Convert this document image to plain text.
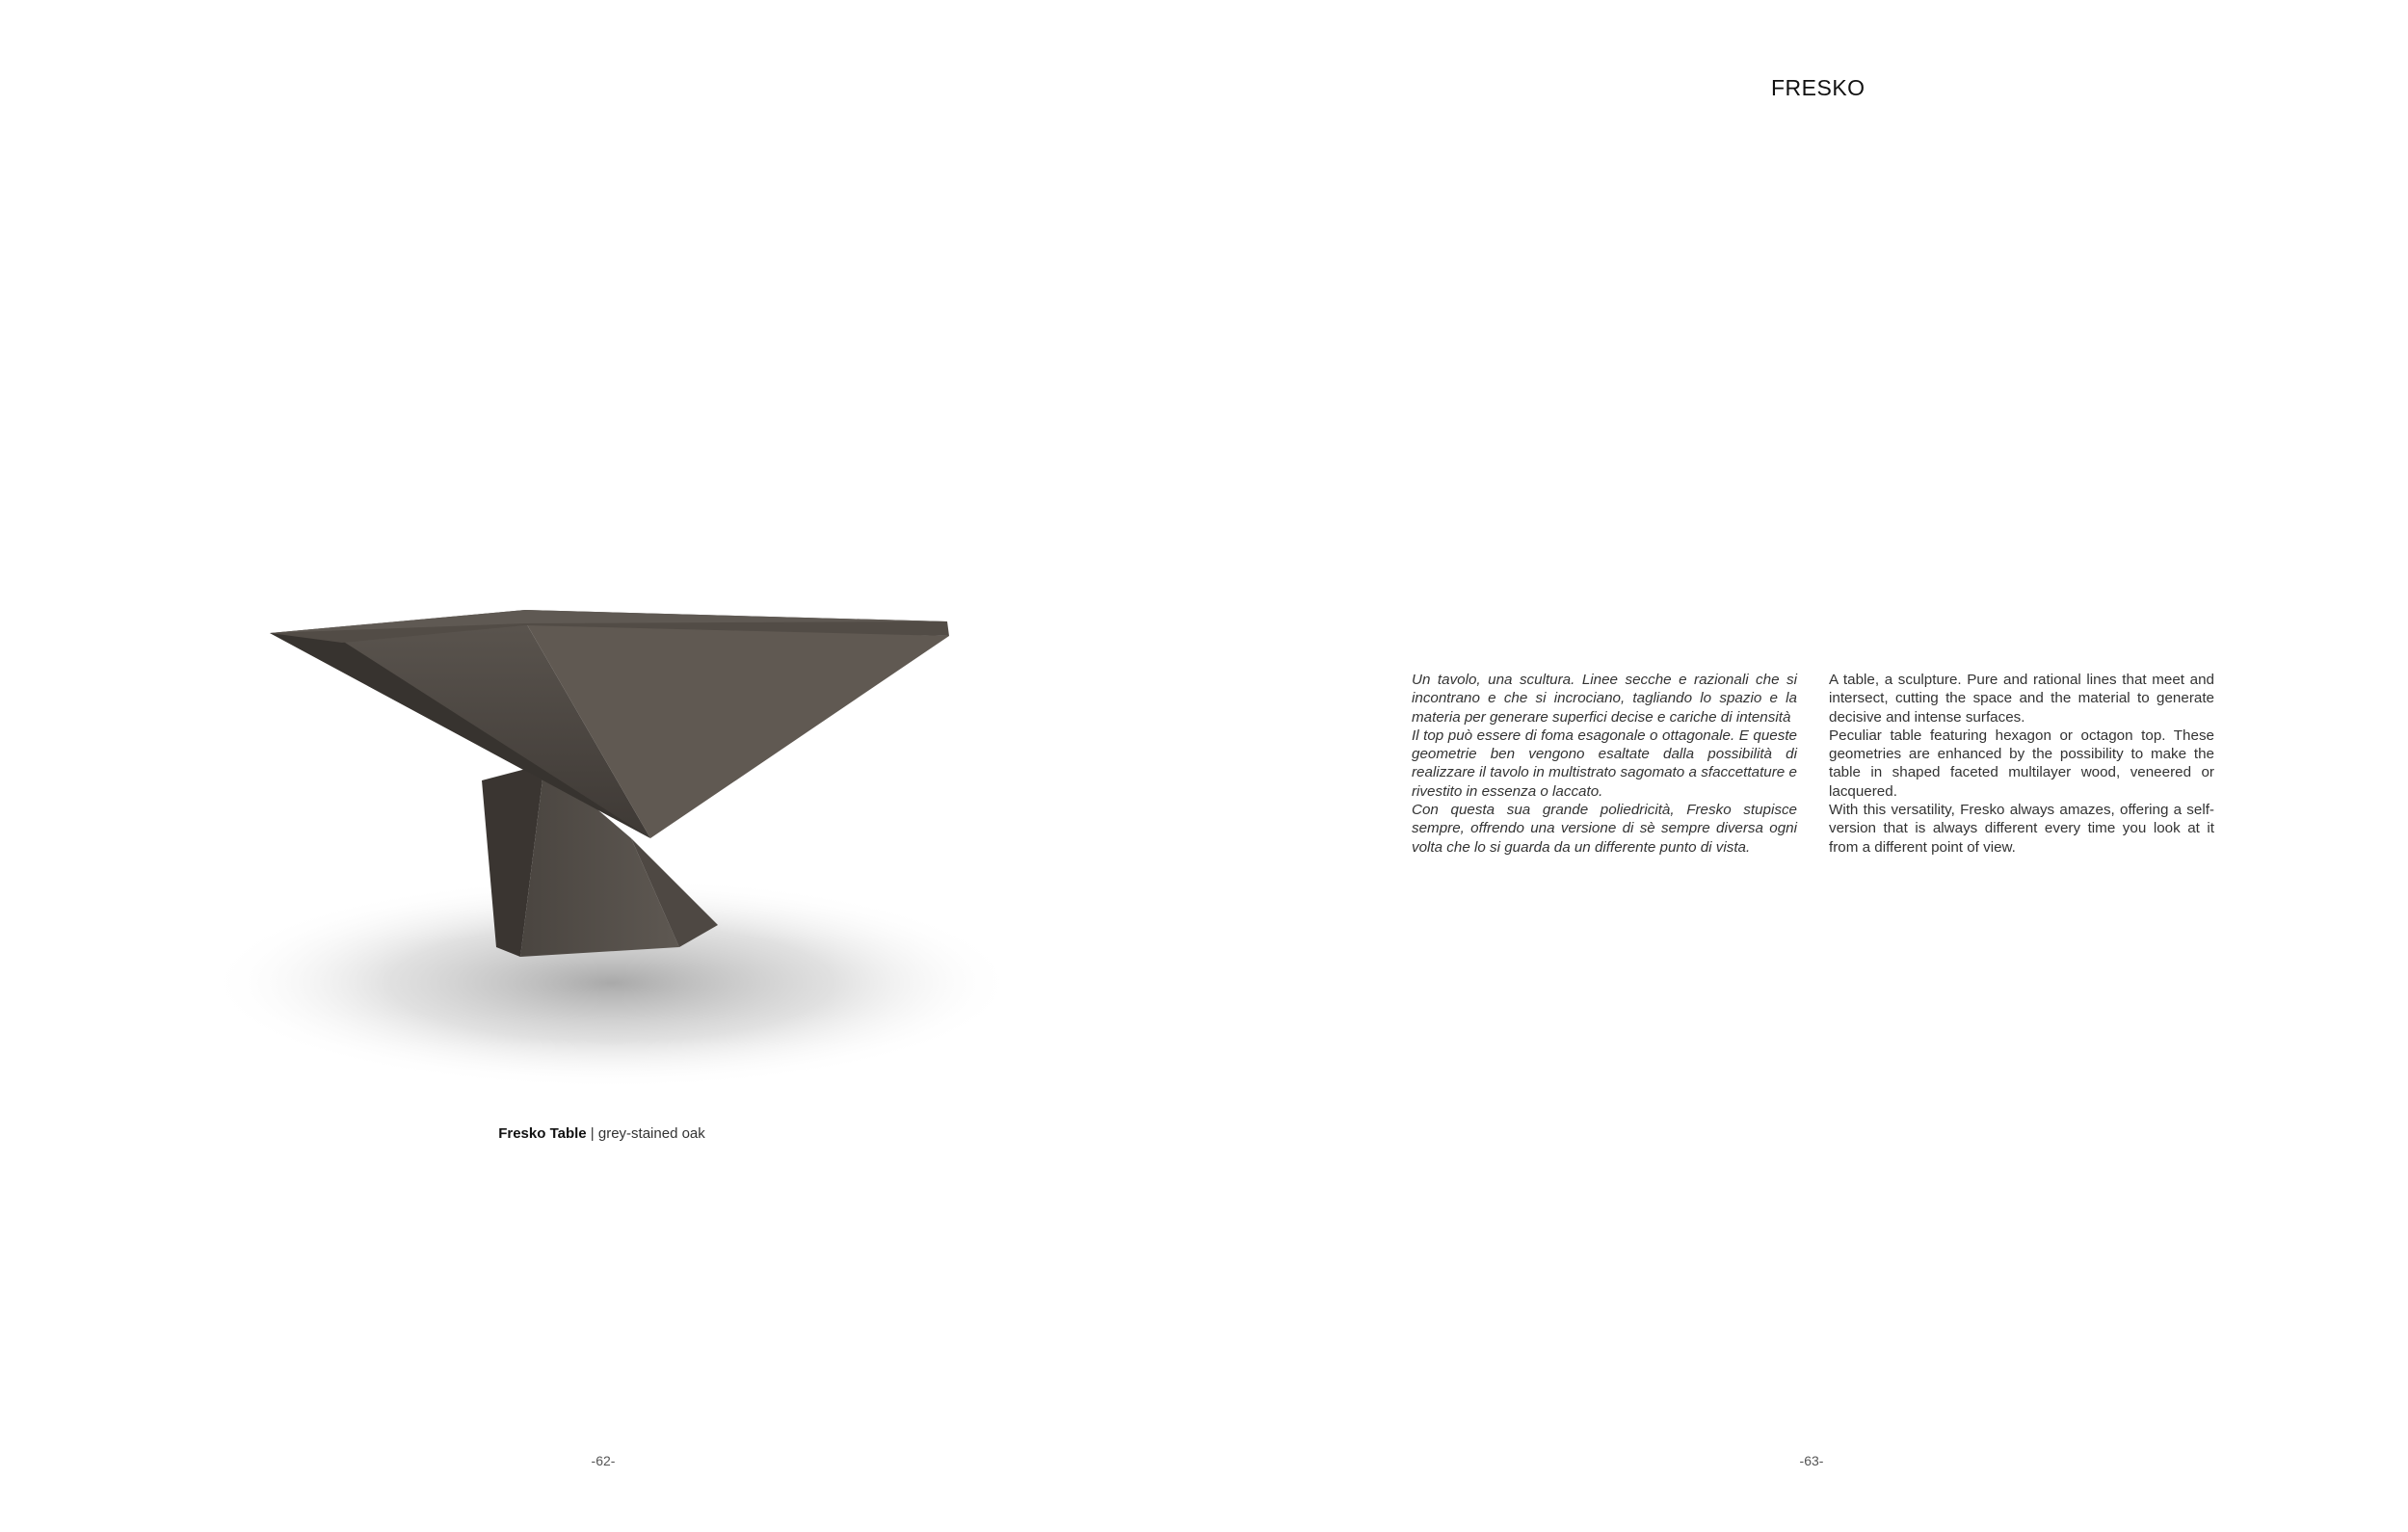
Fresko Table | grey-stained oak
-62-
FRESKO

Un tavolo, una scultura. Linee secche e razionali che si incontrano e che si incrociano, tagliando lo spazio e la materia per generare superfici decise e cariche di intensità

Il top può essere di foma esagonale o ottagonale. E queste geometrie ben vengono esaltate dalla possibilità di realizzare il tavolo in multistrato sagomato a sfaccettature e rivestito in essenza o laccato.

Con questa sua grande poliedricità, Fresko stupisce sempre, offrendo una versione di sè sempre diversa ogni volta che lo si guarda da un differente punto di vista.

A table, a sculpture. Pure and rational lines that meet and intersect, cutting the space and the material to generate decisive and intense surfaces.

Peculiar table featuring hexagon or octagon top. These geometries are enhanced by the possibility to make the table in shaped faceted multilayer wood, veneered or lacquered.

With this versatility, Fresko always amazes, offering a self-version that is always different every time you look at it from a different point of view.

-63-
